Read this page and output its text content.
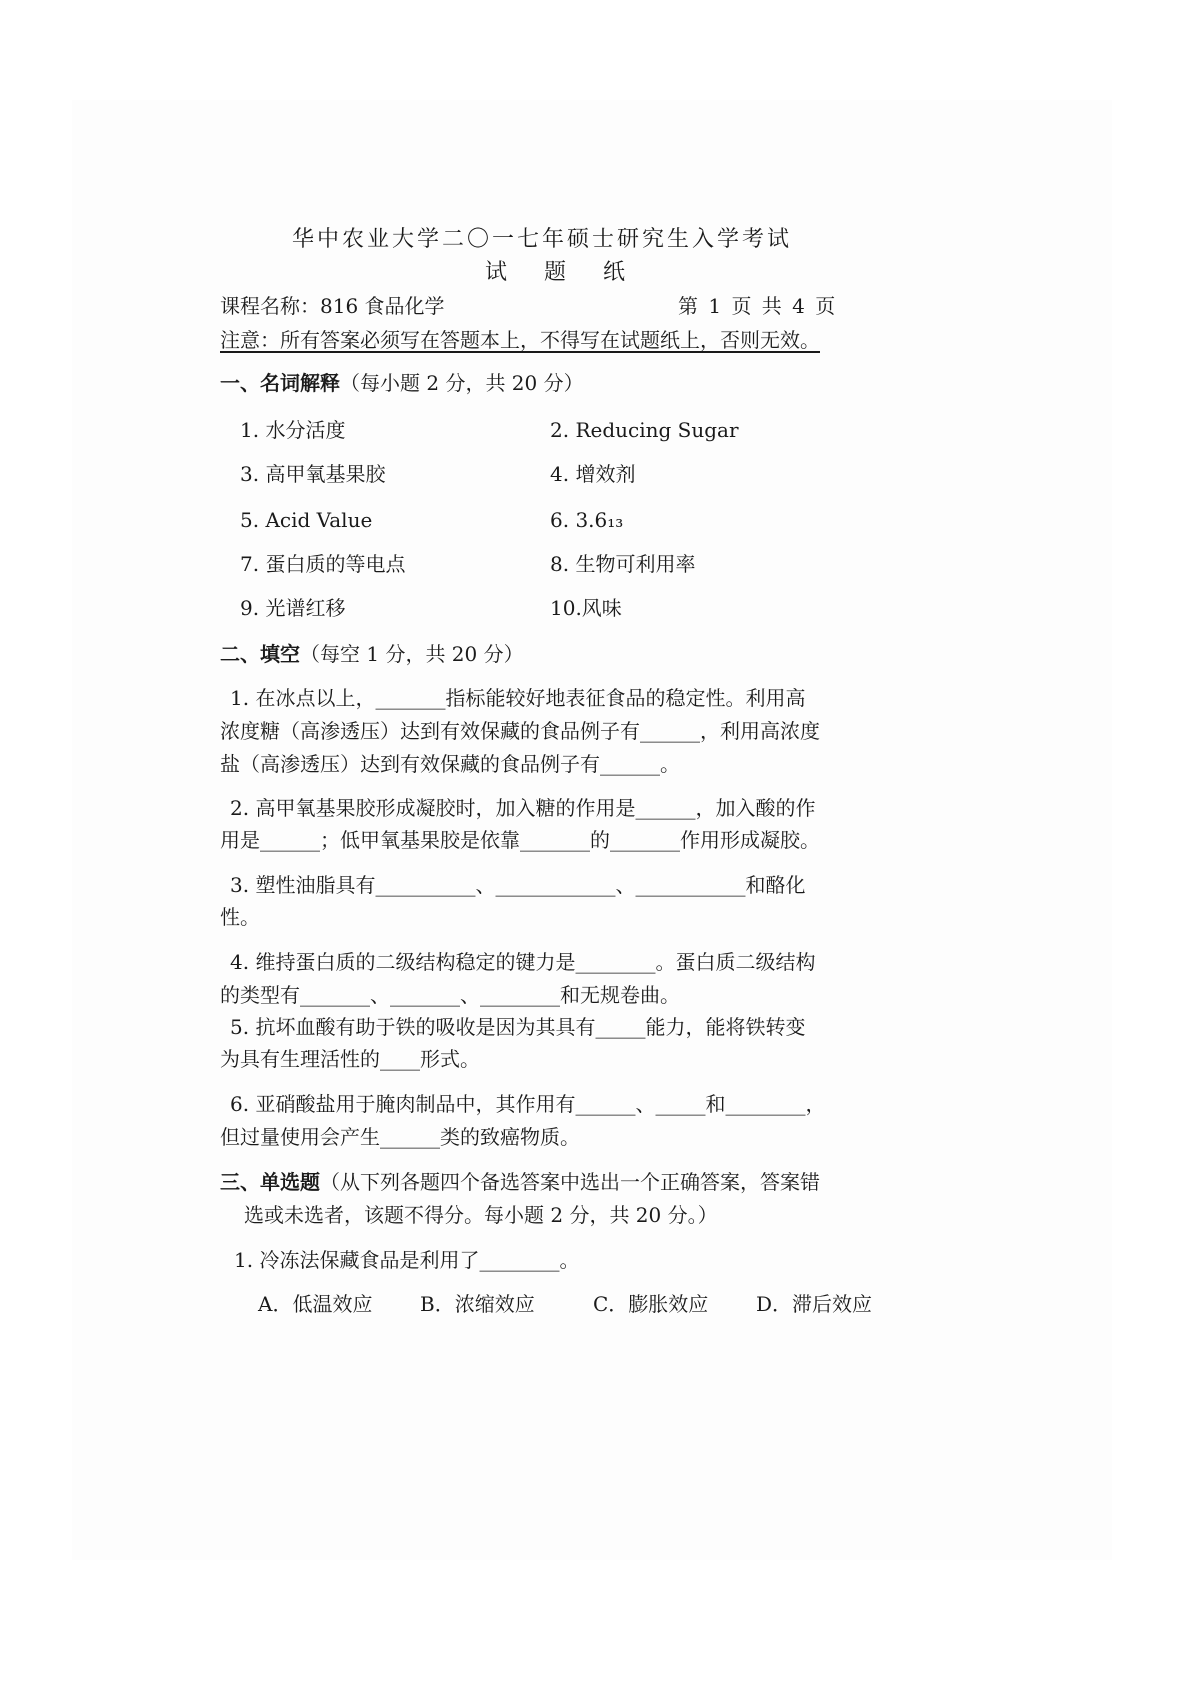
华中农业大学二〇一七年硕士研究生入学考试
试 题 纸
课程名称：816 食品化学	第 1 页 共 4 页
注意：所有答案必须写在答题本上，不得写在试题纸上，否则无效。
一、名词解释（每小题 2 分，共 20 分）
1. 水分活度	2. Reducing Sugar
3. 高甲氧基果胶	4. 增效剂
5. Acid Value	6. 3.6₁₃
7. 蛋白质的等电点	8. 生物可利用率
9. 光谱红移	10.风味
二、填空（每空 1 分，共 20 分）
1. 在冰点以上，_______指标能较好地表征食品的稳定性。利用高
浓度糖（高渗透压）达到有效保藏的食品例子有______，利用高浓度
盐（高渗透压）达到有效保藏的食品例子有______。
2. 高甲氧基果胶形成凝胶时，加入糖的作用是______，加入酸的作
用是______；低甲氧基果胶是依靠_______的_______作用形成凝胶。
3. 塑性油脂具有__________、____________、___________和酪化
性。
4. 维持蛋白质的二级结构稳定的键力是________。蛋白质二级结构
的类型有_______、_______、________和无规卷曲。
5. 抗坏血酸有助于铁的吸收是因为其具有_____能力，能将铁转变
为具有生理活性的____形式。
6. 亚硝酸盐用于腌肉制品中，其作用有______、_____和________，
但过量使用会产生______类的致癌物质。
三、单选题（从下列各题四个备选答案中选出一个正确答案，答案错
选或未选者，该题不得分。每小题 2 分，共 20 分。）
1. 冷冻法保藏食品是利用了________。
A．低温效应 B．浓缩效应	C．膨胀效应 D．滞后效应
